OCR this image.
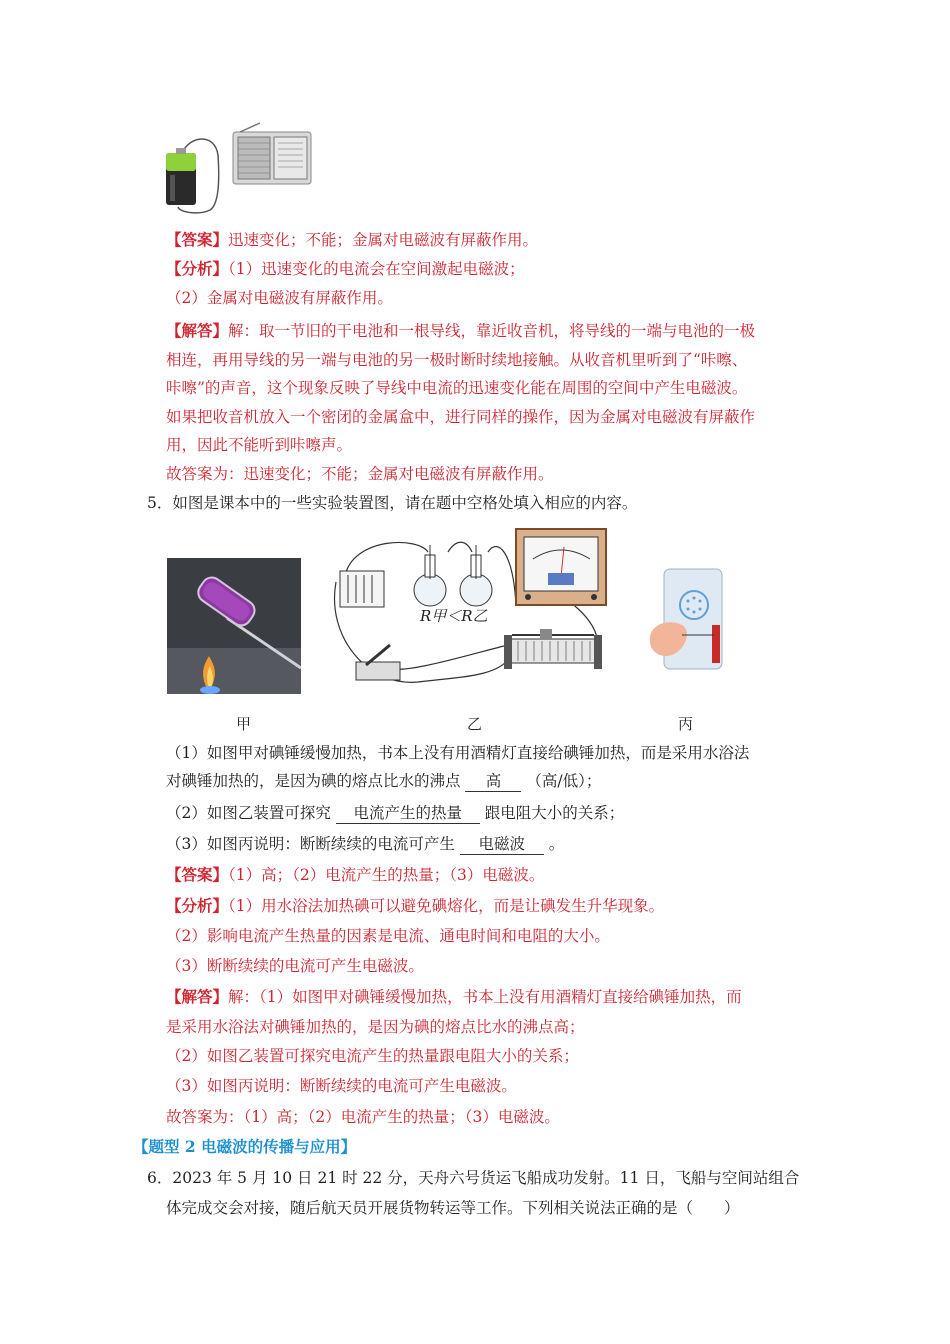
【答案】迅速变化；不能；金属对电磁波有屏蔽作用。
【分析】（1）迅速变化的电流会在空间激起电磁波；
（2）金属对电磁波有屏蔽作用。
【解答】解：取一节旧的干电池和一根导线，靠近收音机，将导线的一端与电池的一极
相连，再用导线的另一端与电池的另一极时断时续地接触。从收音机里听到了“咔嚓、
咔嚓”的声音，这个现象反映了导线中电流的迅速变化能在周围的空间中产生电磁波。
如果把收音机放入一个密闭的金属盒中，进行同样的操作，因为金属对电磁波有屏蔽作
用，因此不能听到咔嚓声。
故答案为：迅速变化；不能；金属对电磁波有屏蔽作用。
5．如图是课本中的一些实验装置图，请在题中空格处填入相应的内容。
R甲＜R乙
甲	乙	丙
（1）如图甲对碘锤缓慢加热，书本上没有用酒精灯直接给碘锤加热，而是采用水浴法
对碘锤加热的，是因为碘的熔点比水的沸点 高 （高/低）；
（2）如图乙装置可探究 电流产生的热量 跟电阻大小的关系；
（3）如图丙说明：断断续续的电流可产生 电磁波 。
【答案】（1）高；（2）电流产生的热量；（3）电磁波。
【分析】（1）用水浴法加热碘可以避免碘熔化，而是让碘发生升华现象。
（2）影响电流产生热量的因素是电流、通电时间和电阻的大小。
（3）断断续续的电流可产生电磁波。
【解答】解：（1）如图甲对碘锤缓慢加热，书本上没有用酒精灯直接给碘锤加热，而
是采用水浴法对碘锤加热的，是因为碘的熔点比水的沸点高；
（2）如图乙装置可探究电流产生的热量跟电阻大小的关系；
（3）如图丙说明：断断续续的电流可产生电磁波。
故答案为：（1）高；（2）电流产生的热量；（3）电磁波。
【题型 2 电磁波的传播与应用】
6．2023 年 5 月 10 日 21 时 22 分，天舟六号货运飞船成功发射。11 日，飞船与空间站组合
体完成交会对接，随后航天员开展货物转运等工作。下列相关说法正确的是（　　）
